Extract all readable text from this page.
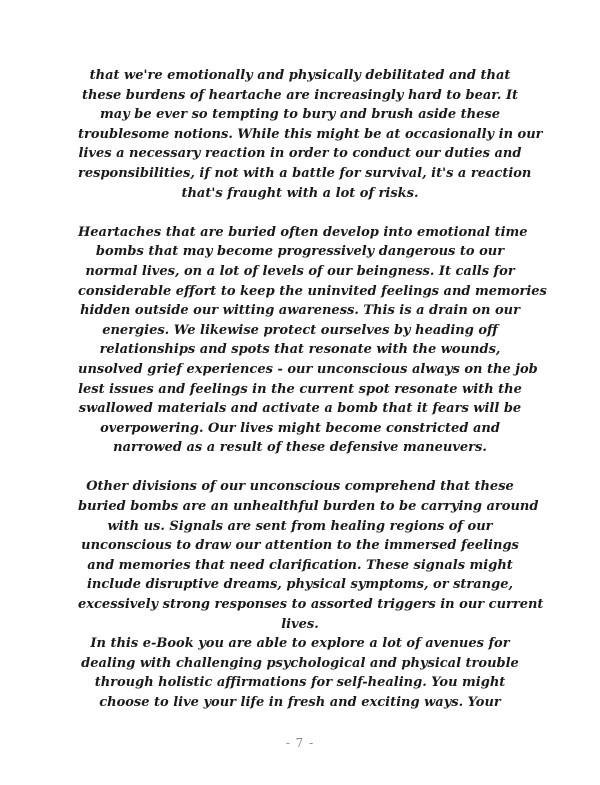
that we're emotionally and physically debilitated and that
these burdens of heartache are increasingly hard to bear. It
may be ever so tempting to bury and brush aside these
troublesome notions. While this might be at occasionally in our
lives a necessary reaction in order to conduct our duties and
responsibilities, if not with a battle for survival, it's a reaction
that's fraught with a lot of risks.

Heartaches that are buried often develop into emotional time
bombs that may become progressively dangerous to our
normal lives, on a lot of levels of our beingness. It calls for
considerable effort to keep the uninvited feelings and memories
hidden outside our witting awareness. This is a drain on our
energies. We likewise protect ourselves by heading off
relationships and spots that resonate with the wounds,
unsolved grief experiences - our unconscious always on the job
lest issues and feelings in the current spot resonate with the
swallowed materials and activate a bomb that it fears will be
overpowering. Our lives might become constricted and
narrowed as a result of these defensive maneuvers.

Other divisions of our unconscious comprehend that these
buried bombs are an unhealthful burden to be carrying around
with us. Signals are sent from healing regions of our
unconscious to draw our attention to the immersed feelings
and memories that need clarification. These signals might
include disruptive dreams, physical symptoms, or strange,
excessively strong responses to assorted triggers in our current
lives.

In this e-Book you are able to explore a lot of avenues for
dealing with challenging psychological and physical trouble
through holistic affirmations for self-healing. You might
choose to live your life in fresh and exciting ways. Your

- 7 -
